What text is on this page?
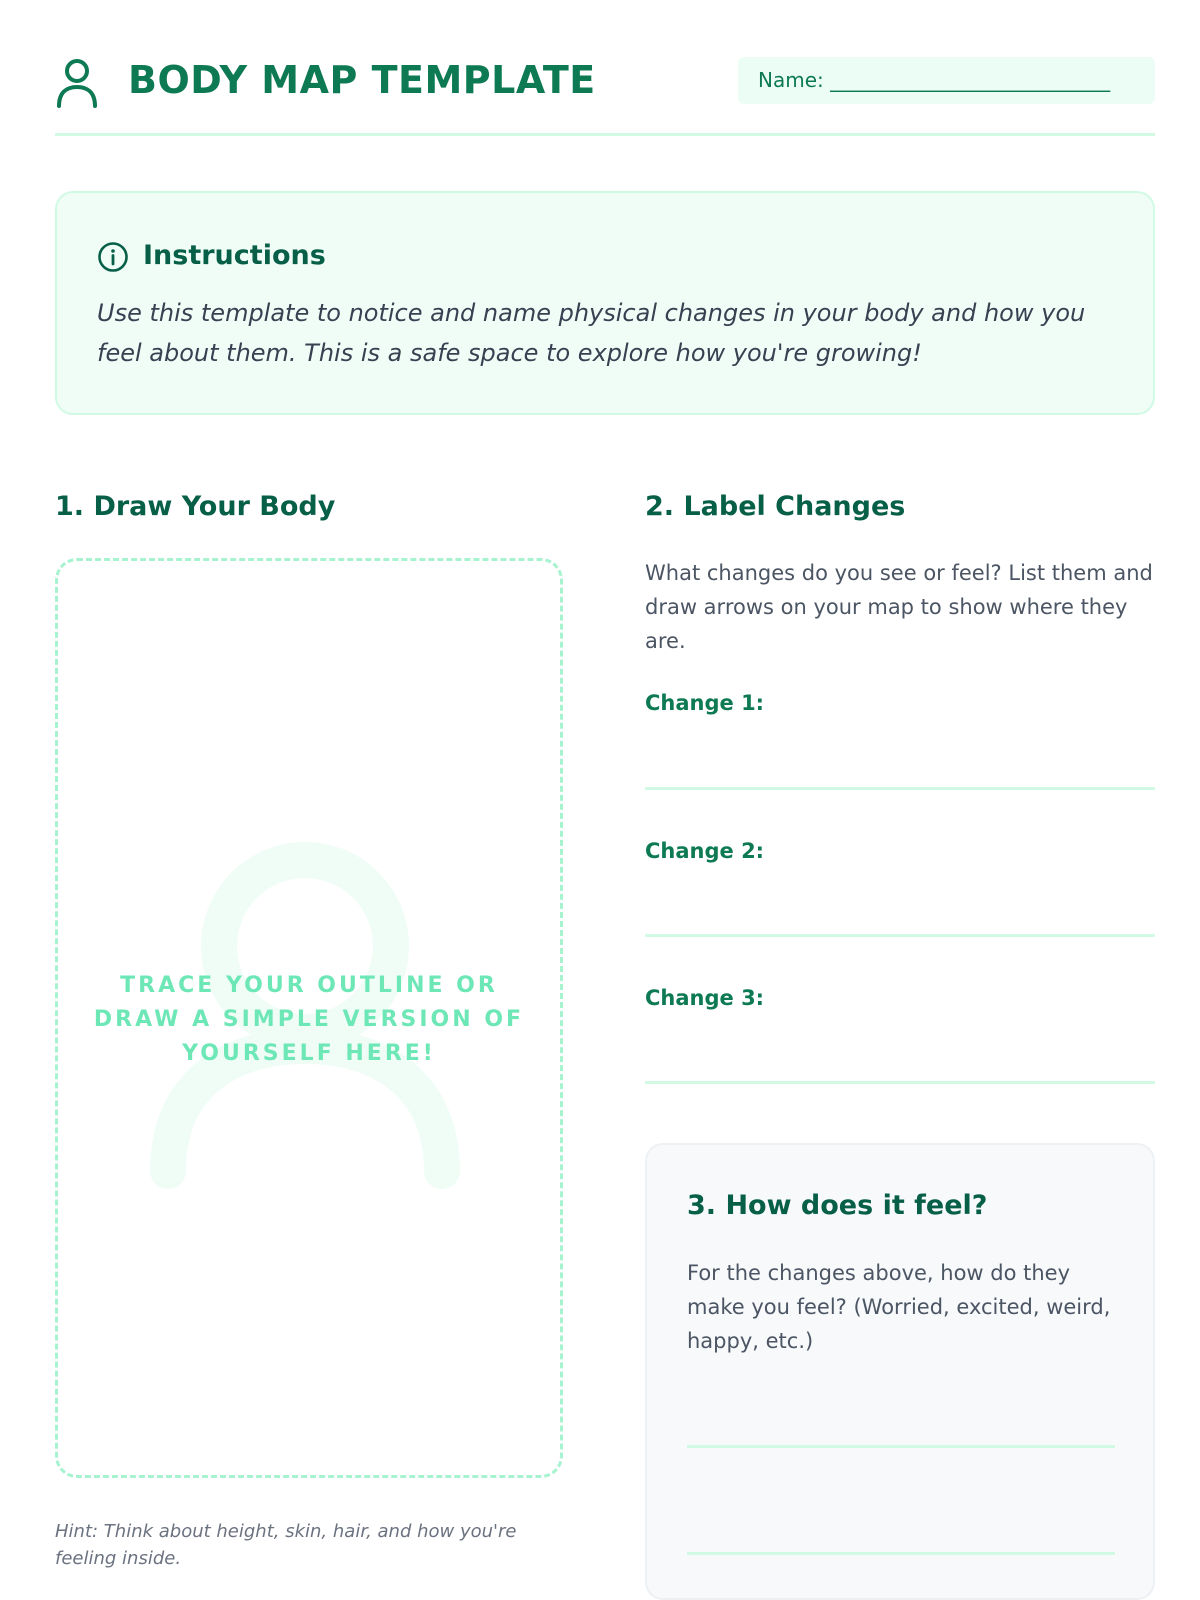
BODY MAP TEMPLATE	Name: ____________________________
Instructions
Use this template to notice and name physical changes in your body and how you feel about them. This is a safe space to explore how you're growing!
1. Draw Your Body
TRACE YOUR OUTLINE OR DRAW A SIMPLE VERSION OF YOURSELF HERE!
Hint: Think about height, skin, hair, and how you're feeling inside.
2. Label Changes
What changes do you see or feel? List them and draw arrows on your map to show where they are.
Change 1:
Change 2:
Change 3:
3. How does it feel?
For the changes above, how do they make you feel? (Worried, excited, weird, happy, etc.)
